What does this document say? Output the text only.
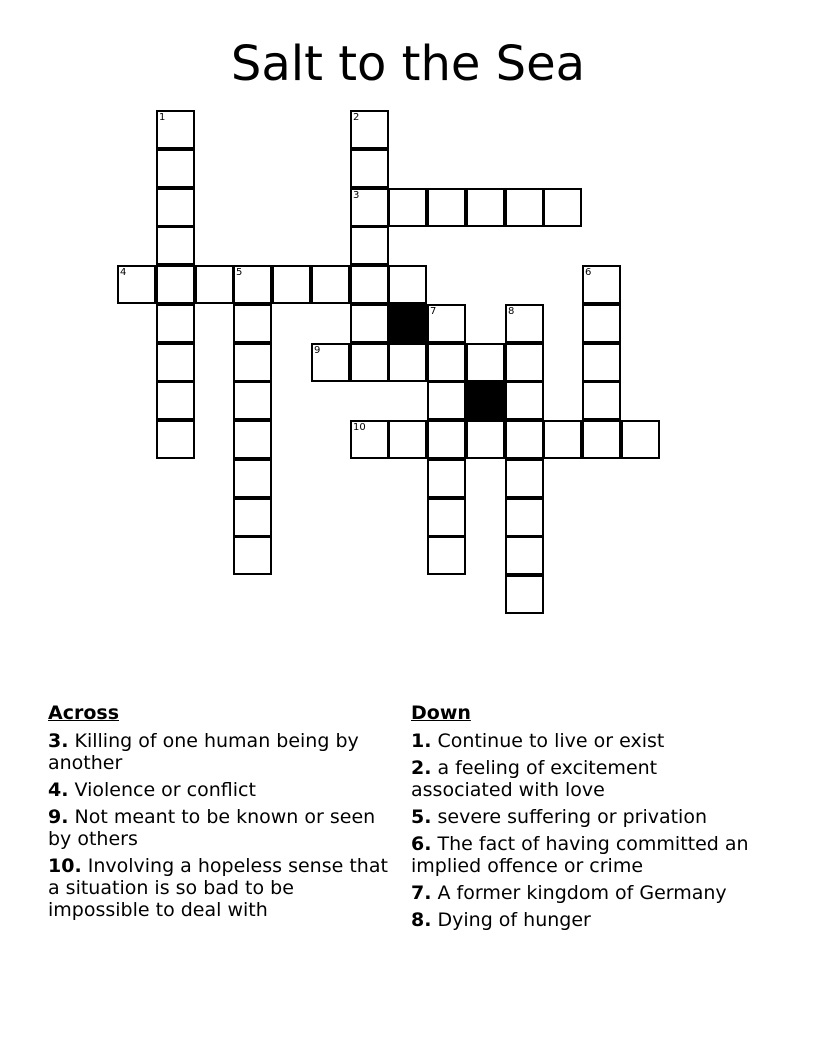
Salt to the Sea
1	2
3
4	5	6
7	8
9
10
Across
3. Killing of one human being by another
4. Violence or conflict
9. Not meant to be known or seen by others
10. Involving a hopeless sense that a situation is so bad to be impossible to deal with
Down
1. Continue to live or exist
2. a feeling of excitement associated with love
5. severe suffering or privation
6. The fact of having committed an implied offence or crime
7. A former kingdom of Germany
8. Dying of hunger
